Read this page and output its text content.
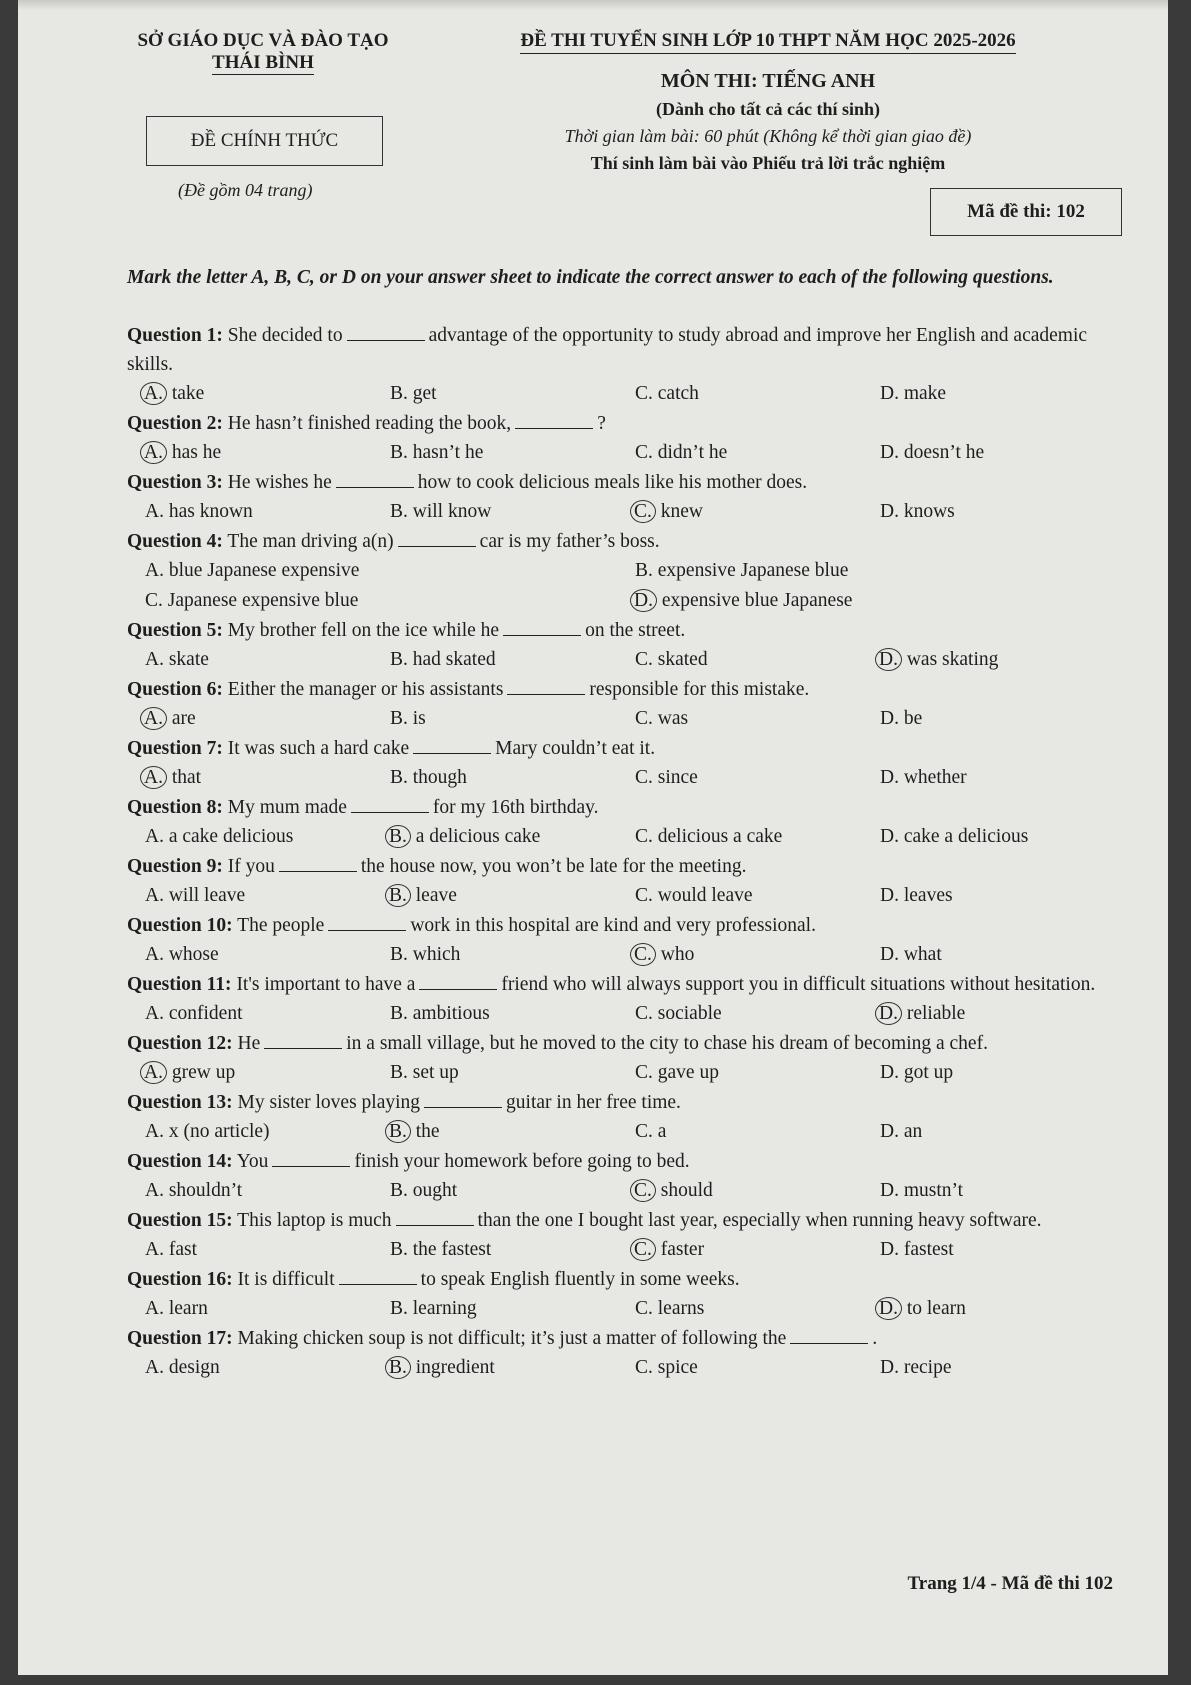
SỞ GIÁO DỤC VÀ ĐÀO TẠO
THÁI BÌNH
ĐỀ THI TUYỂN SINH LỚP 10 THPT NĂM HỌC 2025-2026
MÔN THI: TIẾNG ANH
(Dành cho tất cả các thí sinh)
Thời gian làm bài: 60 phút (Không kể thời gian giao đề)
Thí sinh làm bài vào Phiếu trả lời trắc nghiệm
ĐỀ CHÍNH THỨC
(Đề gồm 04 trang)
Mã đề thi: 102
Mark the letter A, B, C, or D on your answer sheet to indicate the correct answer to each of the following questions.
Question 1: She decided to	advantage of the opportunity to study abroad and improve her English and academic skills.
A. take	B. get	C. catch	D. make
Question 2: He hasn’t finished reading the book,	?
A. has he	B. hasn’t he	C. didn’t he	D. doesn’t he
Question 3: He wishes he	how to cook delicious meals like his mother does.
A. has known	B. will know	C. knew	D. knows
Question 4: The man driving a(n)	car is my father’s boss.
A. blue Japanese expensive	B. expensive Japanese blue
C. Japanese expensive blue	D. expensive blue Japanese
Question 5: My brother fell on the ice while he	on the street.
A. skate	B. had skated	C. skated	D. was skating
Question 6: Either the manager or his assistants	responsible for this mistake.
A. are	B. is	C. was	D. be
Question 7: It was such a hard cake	Mary couldn’t eat it.
A. that	B. though	C. since	D. whether
Question 8: My mum made	for my 16th birthday.
A. a cake delicious	B. a delicious cake	C. delicious a cake	D. cake a delicious
Question 9: If you	the house now, you won’t be late for the meeting.
A. will leave	B. leave	C. would leave	D. leaves
Question 10: The people	work in this hospital are kind and very professional.
A. whose	B. which	C. who	D. what
Question 11: It's important to have a	friend who will always support you in difficult situations without hesitation.
A. confident	B. ambitious	C. sociable	D. reliable
Question 12: He	in a small village, but he moved to the city to chase his dream of becoming a chef.
A. grew up	B. set up	C. gave up	D. got up
Question 13: My sister loves playing	guitar in her free time.
A. x (no article)	B. the	C. a	D. an
Question 14: You	finish your homework before going to bed.
A. shouldn’t	B. ought	C. should	D. mustn’t
Question 15: This laptop is much	than the one I bought last year, especially when running heavy software.
A. fast	B. the fastest	C. faster	D. fastest
Question 16: It is difficult	to speak English fluently in some weeks.
A. learn	B. learning	C. learns	D. to learn
Question 17: Making chicken soup is not difficult; it’s just a matter of following the	.
A. design	B. ingredient	C. spice	D. recipe
Trang 1/4 - Mã đề thi 102
